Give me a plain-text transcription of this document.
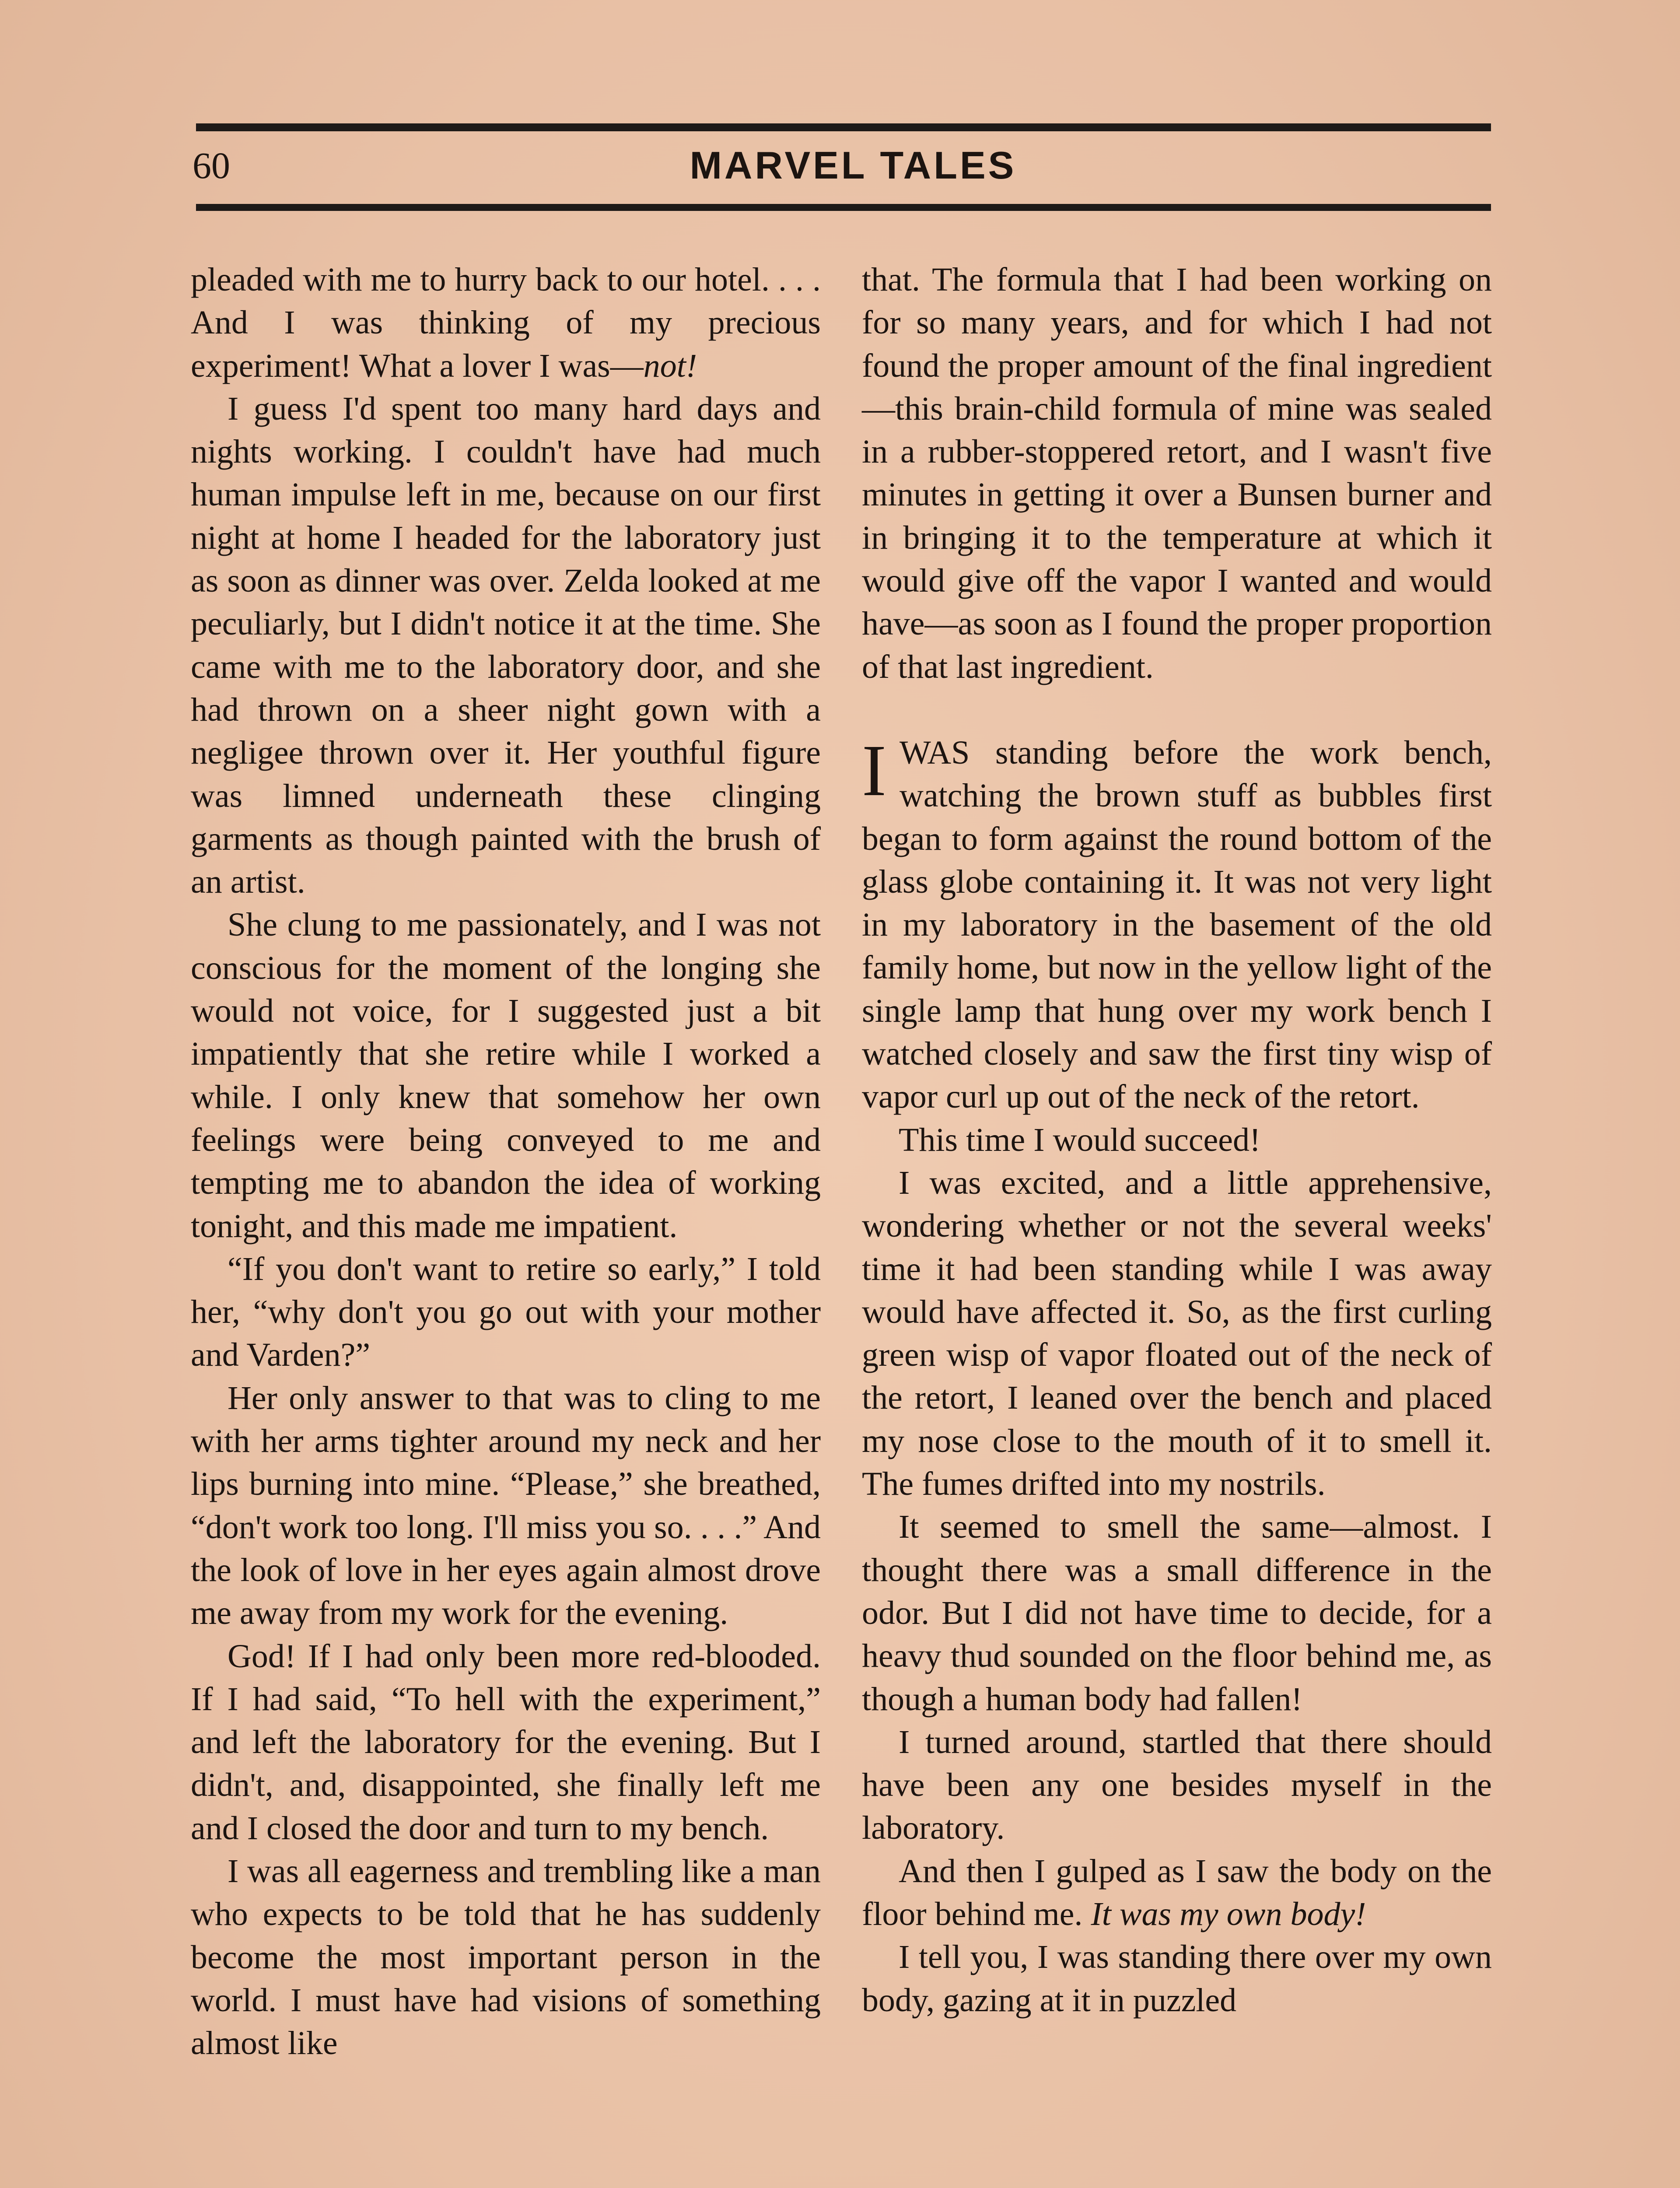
60	MARVEL TALES

pleaded with me to hurry back to our hotel. . . . And I was thinking of my precious experiment! What a lover I was—not!

I guess I'd spent too many hard days and nights working. I couldn't have had much human impulse left in me, because on our first night at home I headed for the laboratory just as soon as dinner was over. Zelda looked at me peculiarly, but I didn't notice it at the time. She came with me to the laboratory door, and she had thrown on a sheer night gown with a negligee thrown over it. Her youthful figure was limned underneath these clinging garments as though painted with the brush of an artist.

She clung to me passionately, and I was not conscious for the moment of the longing she would not voice, for I suggested just a bit impatiently that she retire while I worked a while. I only knew that somehow her own feelings were being conveyed to me and tempting me to abandon the idea of working tonight, and this made me impatient.

“If you don't want to retire so early,” I told her, “why don't you go out with your mother and Varden?”

Her only answer to that was to cling to me with her arms tighter around my neck and her lips burning into mine. “Please,” she breathed, “don't work too long. I'll miss you so. . . .” And the look of love in her eyes again almost drove me away from my work for the evening.

God! If I had only been more red-blooded. If I had said, “To hell with the experiment,” and left the laboratory for the evening. But I didn't, and, disappointed, she finally left me and I closed the door and turn to my bench.

I was all eagerness and trembling like a man who expects to be told that he has suddenly become the most important person in the world. I must have had visions of something almost like

that. The formula that I had been working on for so many years, and for which I had not found the proper amount of the final ingredient—this brain-child formula of mine was sealed in a rubber-stoppered retort, and I wasn't five minutes in getting it over a Bunsen burner and in bringing it to the temperature at which it would give off the vapor I wanted and would have—as soon as I found the proper proportion of that last ingredient.

IWAS standing before the work bench, watching the brown stuff as bubbles first began to form against the round bottom of the glass globe containing it. It was not very light in my laboratory in the basement of the old family home, but now in the yellow light of the single lamp that hung over my work bench I watched closely and saw the first tiny wisp of vapor curl up out of the neck of the retort.

This time I would succeed!

I was excited, and a little apprehensive, wondering whether or not the several weeks' time it had been standing while I was away would have affected it. So, as the first curling green wisp of vapor floated out of the neck of the retort, I leaned over the bench and placed my nose close to the mouth of it to smell it. The fumes drifted into my nostrils.

It seemed to smell the same—almost. I thought there was a small difference in the odor. But I did not have time to decide, for a heavy thud sounded on the floor behind me, as though a human body had fallen!

I turned around, startled that there should have been any one besides myself in the laboratory.

And then I gulped as I saw the body on the floor behind me. It was my own body!

I tell you, I was standing there over my own body, gazing at it in puzzled
